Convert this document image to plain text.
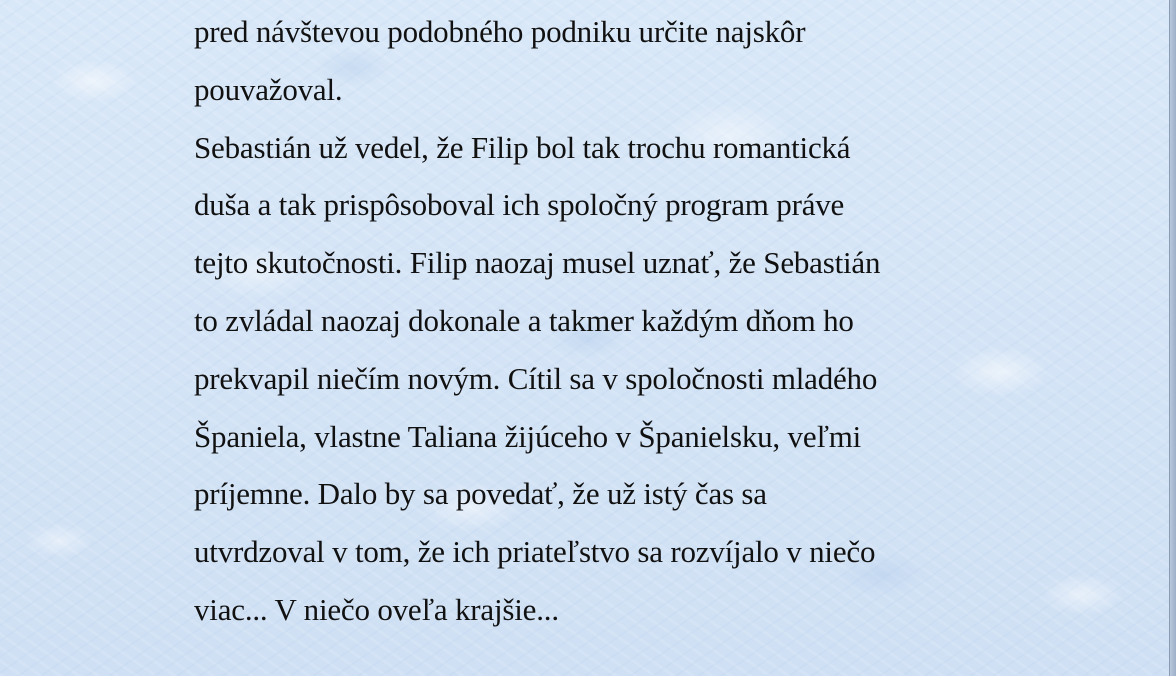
pred návštevou podobného podniku určite najskôr

pouvažoval.

Sebastián už vedel, že Filip bol tak trochu romantická

duša a tak prispôsoboval ich spoločný program práve

tejto skutočnosti. Filip naozaj musel uznať, že Sebastián

to zvládal naozaj dokonale a takmer každým dňom ho

prekvapil niečím novým. Cítil sa v spoločnosti mladého

Španiela, vlastne Taliana žijúceho v Španielsku, veľmi

príjemne. Dalo by sa povedať, že už istý čas sa

utvrdzoval v tom, že ich priateľstvo sa rozvíjalo v niečo

viac... V niečo oveľa krajšie...
